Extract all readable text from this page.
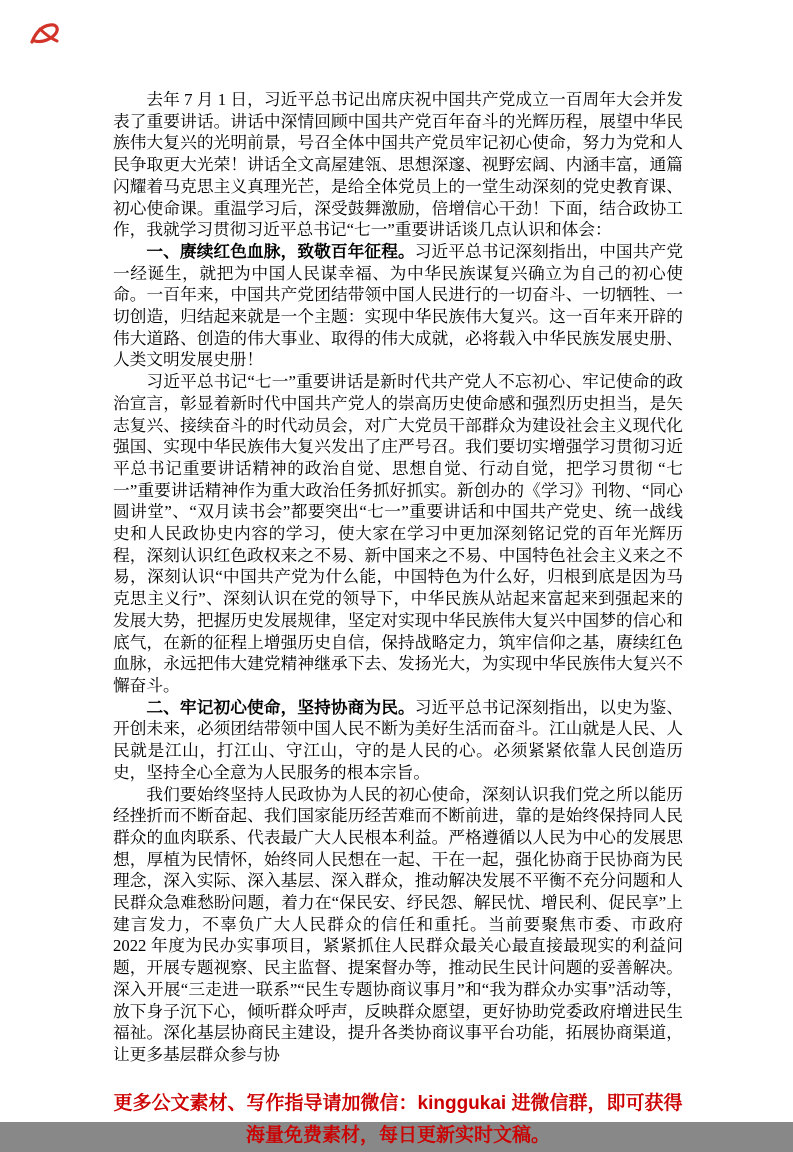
去年 7 月 1 日，习近平总书记出席庆祝中国共产党成立一百周年大会并发表了重要讲话。讲话中深情回顾中国共产党百年奋斗的光辉历程，展望中华民族伟大复兴的光明前景，号召全体中国共产党员牢记初心使命，努力为党和人民争取更大光荣！讲话全文高屋建瓴、思想深邃、视野宏阔、内涵丰富，通篇闪耀着马克思主义真理光芒，是给全体党员上的一堂生动深刻的党史教育课、初心使命课。重温学习后，深受鼓舞激励，倍增信心干劲！下面，结合政协工作，我就学习贯彻习近平总书记“七一”重要讲话谈几点认识和体会：

一、赓续红色血脉，致敬百年征程。习近平总书记深刻指出，中国共产党一经诞生，就把为中国人民谋幸福、为中华民族谋复兴确立为自己的初心使命。一百年来，中国共产党团结带领中国人民进行的一切奋斗、一切牺牲、一切创造，归结起来就是一个主题：实现中华民族伟大复兴。这一百年来开辟的伟大道路、创造的伟大事业、取得的伟大成就，必将载入中华民族发展史册、人类文明发展史册！

习近平总书记“七一”重要讲话是新时代共产党人不忘初心、牢记使命的政治宣言，彰显着新时代中国共产党人的崇高历史使命感和强烈历史担当，是矢志复兴、接续奋斗的时代动员会，对广大党员干部群众为建设社会主义现代化强国、实现中华民族伟大复兴发出了庄严号召。我们要切实增强学习贯彻习近平总书记重要讲话精神的政治自觉、思想自觉、行动自觉，把学习贯彻 “七一”重要讲话精神作为重大政治任务抓好抓实。新创办的《学习》刊物、“同心圆讲堂”、“双月读书会”都要突出“七一”重要讲话和中国共产党史、统一战线史和人民政协史内容的学习，使大家在学习中更加深刻铭记党的百年光辉历程，深刻认识红色政权来之不易、新中国来之不易、中国特色社会主义来之不易，深刻认识“中国共产党为什么能，中国特色为什么好，归根到底是因为马克思主义行”、深刻认识在党的领导下，中华民族从站起来富起来到强起来的发展大势，把握历史发展规律，坚定对实现中华民族伟大复兴中国梦的信心和底气，在新的征程上增强历史自信，保持战略定力，筑牢信仰之基，赓续红色血脉，永远把伟大建党精神继承下去、发扬光大，为实现中华民族伟大复兴不懈奋斗。

二、牢记初心使命，坚持协商为民。习近平总书记深刻指出，以史为鉴、开创未来，必须团结带领中国人民不断为美好生活而奋斗。江山就是人民、人民就是江山，打江山、守江山，守的是人民的心。必须紧紧依靠人民创造历史，坚持全心全意为人民服务的根本宗旨。

我们要始终坚持人民政协为人民的初心使命，深刻认识我们党之所以能历经挫折而不断奋起、我们国家能历经苦难而不断前进，靠的是始终保持同人民群众的血肉联系、代表最广大人民根本利益。严格遵循以人民为中心的发展思想，厚植为民情怀，始终同人民想在一起、干在一起，强化协商于民协商为民理念，深入实际、深入基层、深入群众，推动解决发展不平衡不充分问题和人民群众急难愁盼问题，着力在“保民安、纾民怨、解民忧、增民利、促民享”上建言发力，不辜负广大人民群众的信任和重托。当前要聚焦市委、市政府 2022 年度为民办实事项目，紧紧抓住人民群众最关心最直接最现实的利益问题，开展专题视察、民主监督、提案督办等，推动民生民计问题的妥善解决。深入开展“三走进一联系”“民生专题协商议事月”和“我为群众办实事”活动等，放下身子沉下心，倾听群众呼声，反映群众愿望，更好协助党委政府增进民生福祉。深化基层协商民主建设，提升各类协商议事平台功能，拓展协商渠道，让更多基层群众参与协

更多公文素材、写作指导请加微信：kinggukai 进微信群，即可获得
海量免费素材，每日更新实时文稿。
